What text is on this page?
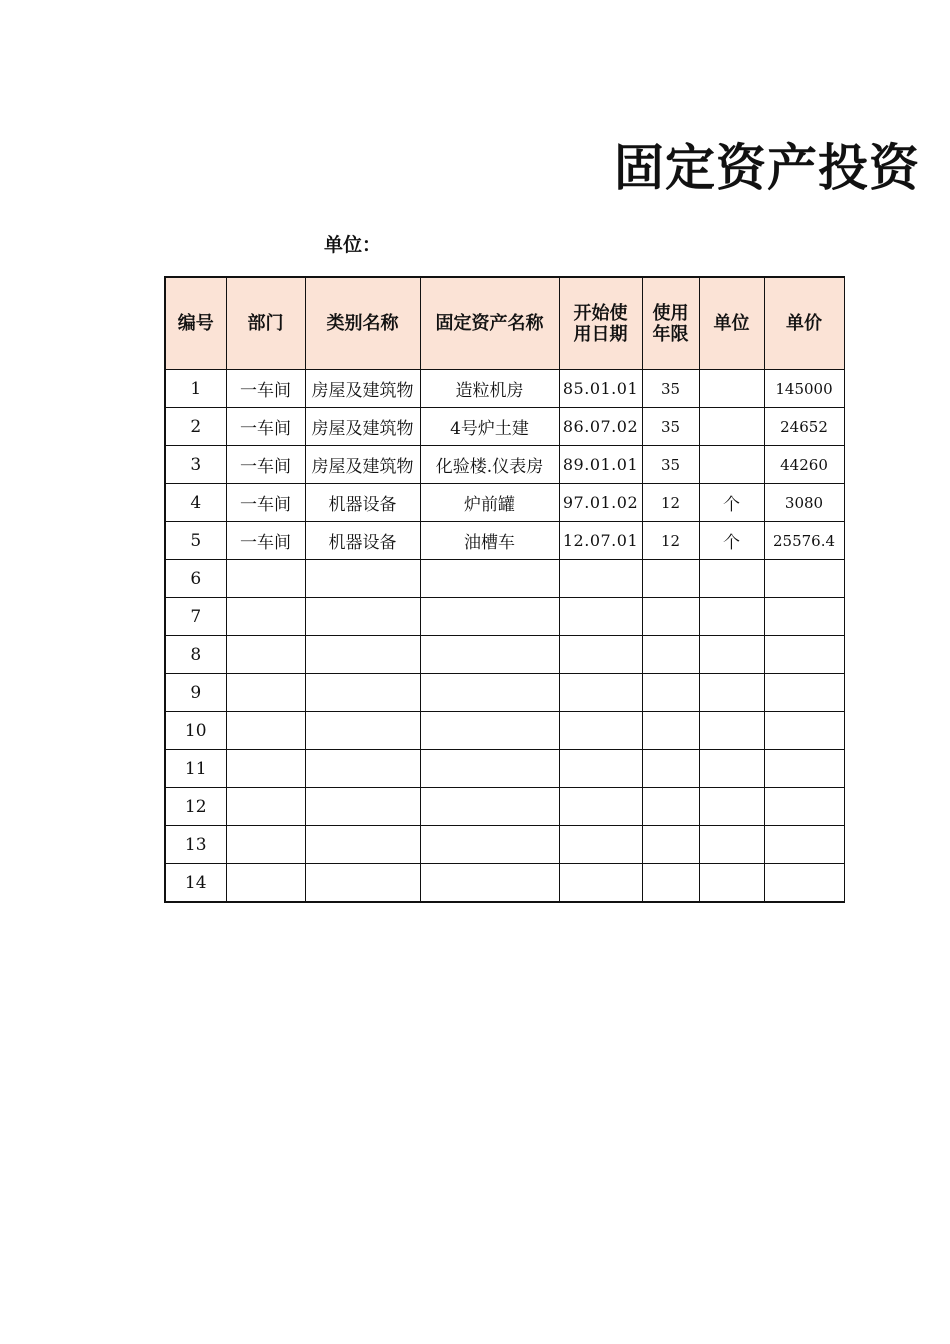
固定资产投资
单位：
编号	部门	类别名称	固定资产名称	开始使用日期	使用年限	单位	单价
1	一车间	房屋及建筑物	造粒机房	85.01.01	35		145000
2	一车间	房屋及建筑物	4号炉土建	86.07.02	35		24652
3	一车间	房屋及建筑物	化验楼.仪表房	89.01.01	35		44260
4	一车间	机器设备	炉前罐	97.01.02	12	个	3080
5	一车间	机器设备	油槽车	12.07.01	12	个	25576.4
6							
7							
8							
9							
10							
11							
12							
13							
14							
